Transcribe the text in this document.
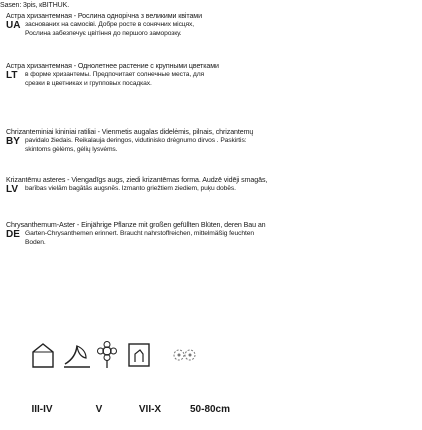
Sasen: 3pis, кBITHUK.
Астра хризантемная - Рослина однорічна з великими квітами
UA заснованих на самосіві. Добре росте в сонячних місцях,
Рослина забезпечує цвітіння до першого заморозку.
Астра хризантемная - Однолетнее растение с крупными цветками
LT	в форме хризантемы. Предпочитает солнечные места, для
срезки в цветниках и групповых посадках.
Chrizanteminiai kininiai ratiliai - Vienmetis augalas didelėmis, pilnais, chrizantemų
BY pavidalo žiedais. Reikalauja deringos, vidutinisko drėgnumo dirvos . Paskirtis:
skintoms gėlėms, gėlių lysvėms.
Krizantēmu asteres - Viengadīgs augs, ziedi krizantēmas forma. Audzē vidēji smagās,
LV	barības vielām bagātās augsnēs. Izmanto griežtiem ziediem, puķu dobēs.
Chrysanthemum-Aster - Einjährige Pflanze mit großen gefüllten Blüten, deren Bau an
DE Garten-Chrysanthemen erinnert. Braucht nahrstoffreichen, mittelmäßig feuchten
Boden.
III-IV	V	VII-X	50-80cm
